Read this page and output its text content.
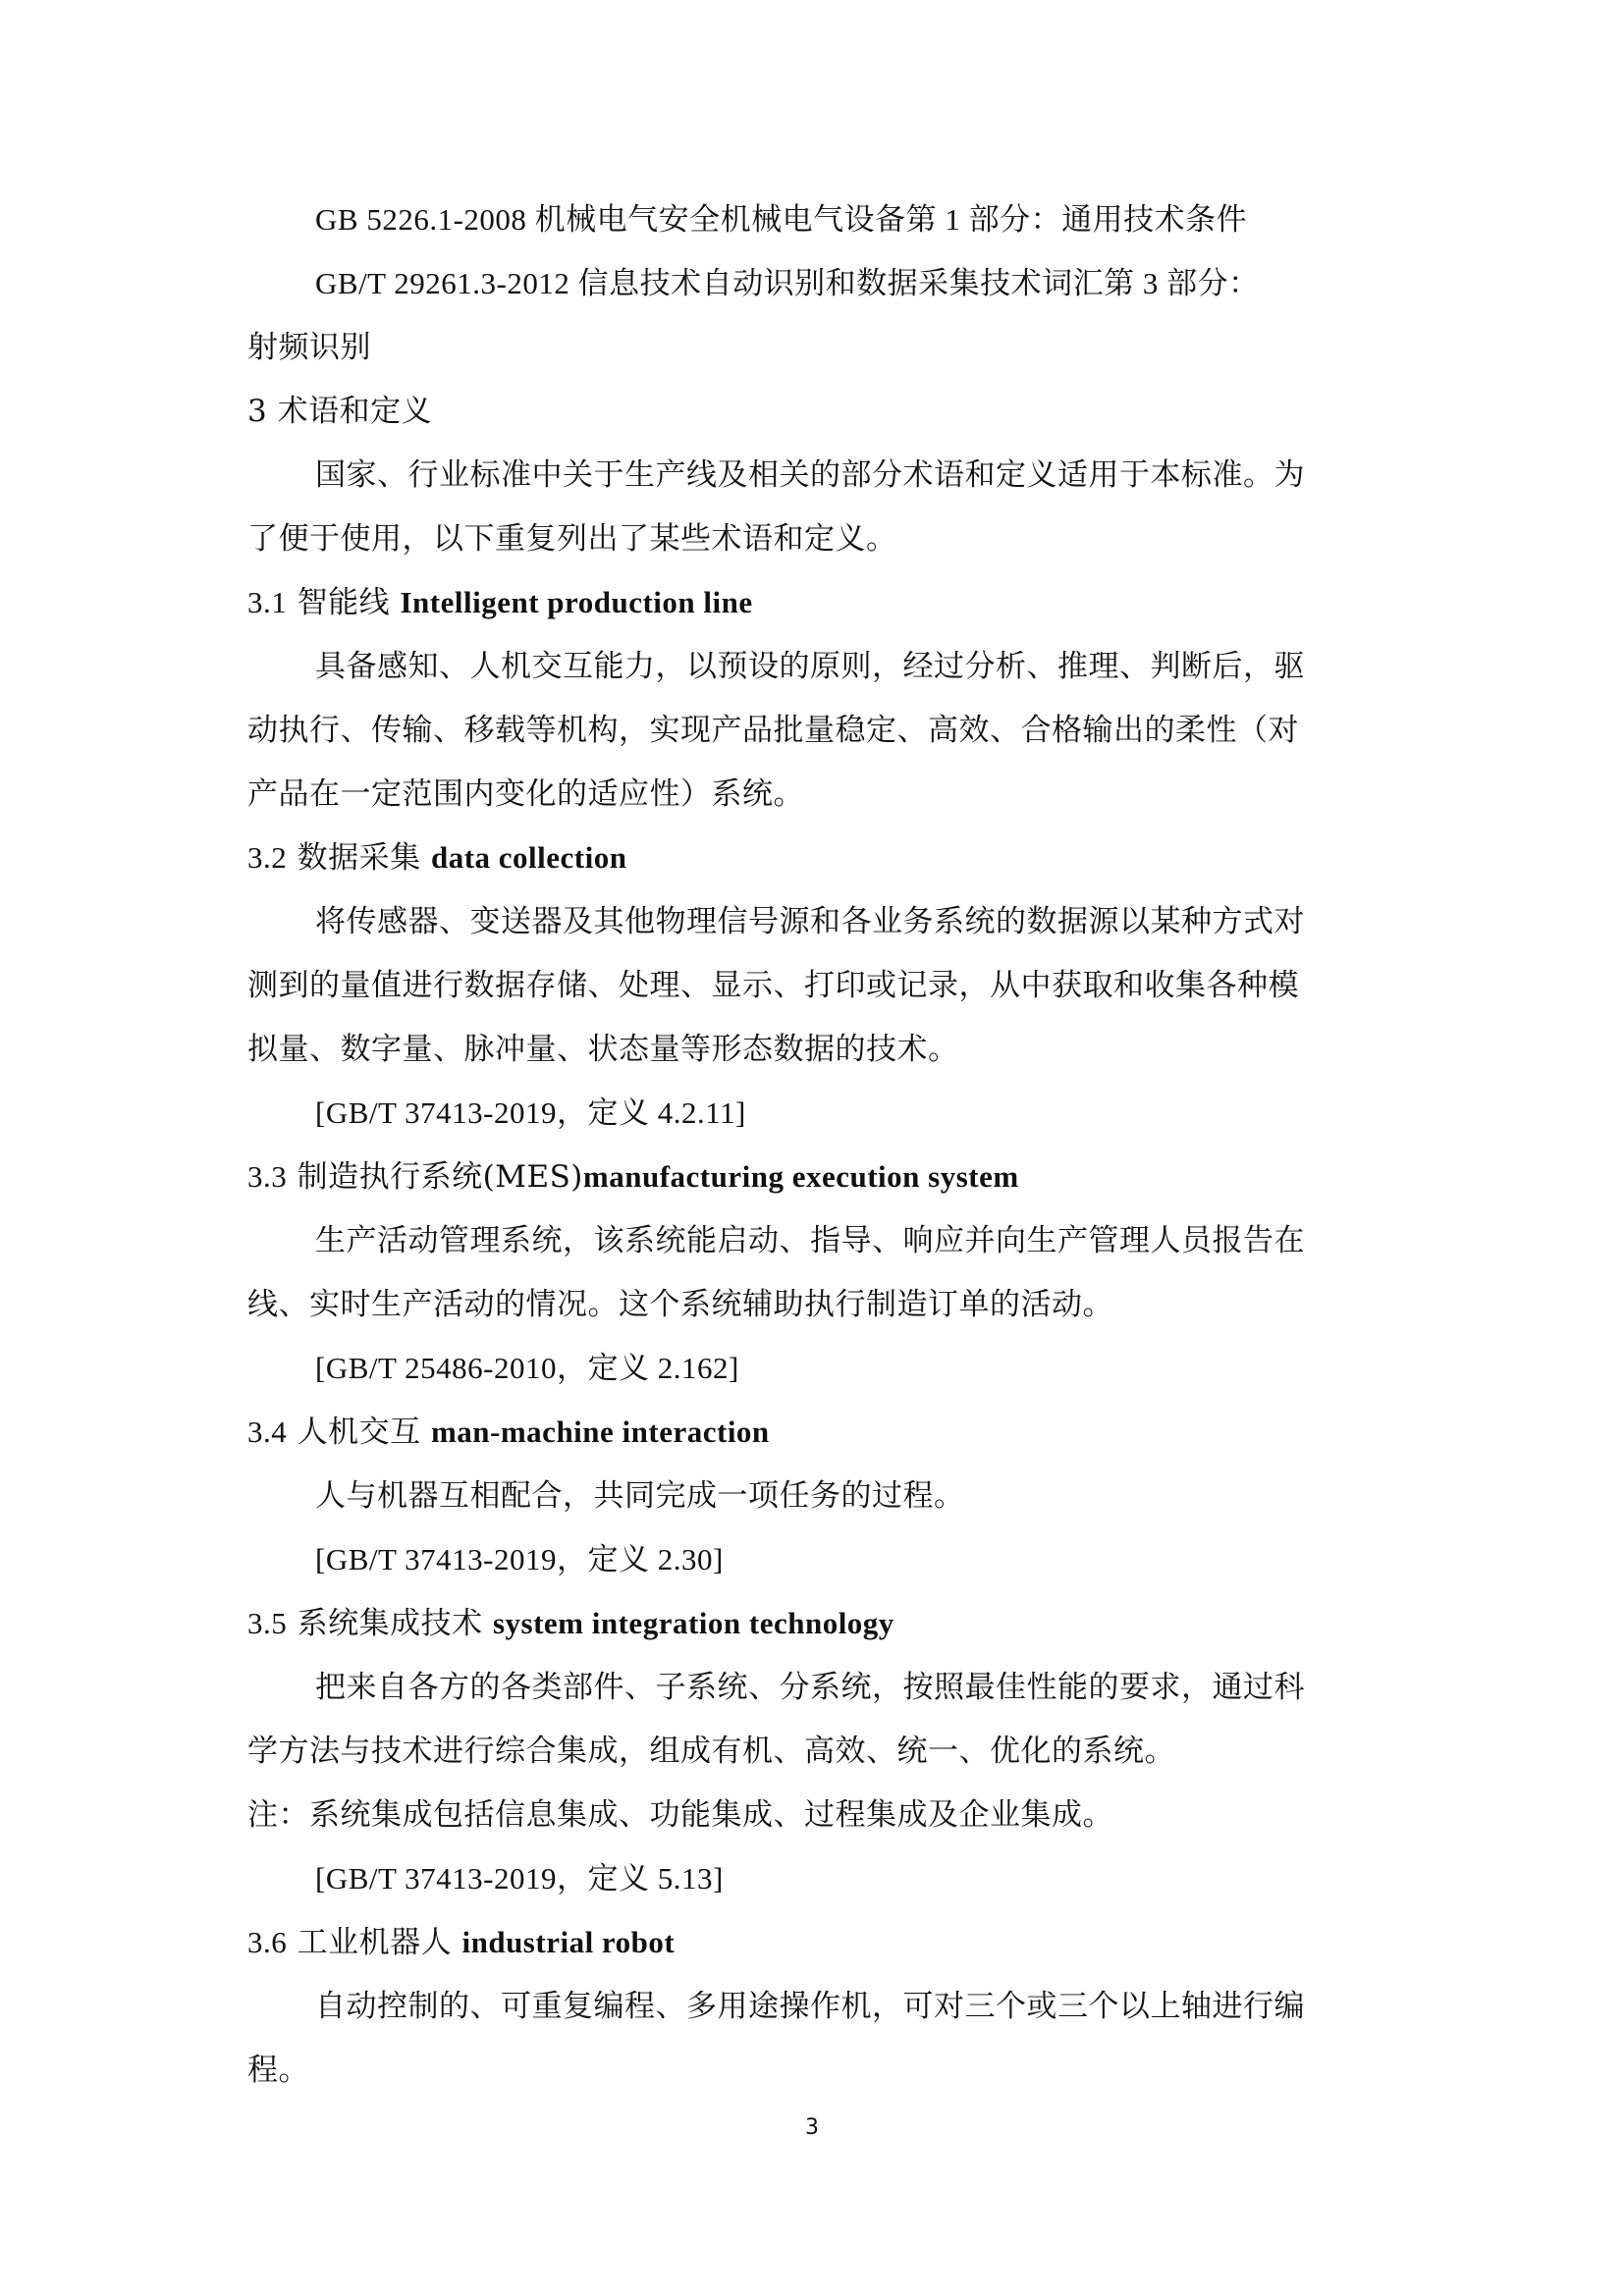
GB 5226.1-2008 机械电气安全机械电气设备第 1 部分：通用技术条件
GB/T 29261.3-2012 信息技术自动识别和数据采集技术词汇第 3 部分：
射频识别
3 术语和定义
国家、行业标准中关于生产线及相关的部分术语和定义适用于本标准。为
了便于使用，以下重复列出了某些术语和定义。
3.1 智能线 Intelligent production line
具备感知、人机交互能力，以预设的原则，经过分析、推理、判断后，驱
动执行、传输、移载等机构，实现产品批量稳定、高效、合格输出的柔性（对
产品在一定范围内变化的适应性）系统。
3.2 数据采集 data collection
将传感器、变送器及其他物理信号源和各业务系统的数据源以某种方式对
测到的量值进行数据存储、处理、显示、打印或记录，从中获取和收集各种模
拟量、数字量、脉冲量、状态量等形态数据的技术。
[GB/T 37413-2019，定义 4.2.11]
3.3 制造执行系统(MES)manufacturing execution system
生产活动管理系统，该系统能启动、指导、响应并向生产管理人员报告在
线、实时生产活动的情况。这个系统辅助执行制造订单的活动。
[GB/T 25486-2010，定义 2.162]
3.4 人机交互 man-machine interaction
人与机器互相配合，共同完成一项任务的过程。
[GB/T 37413-2019，定义 2.30]
3.5 系统集成技术 system integration technology
把来自各方的各类部件、子系统、分系统，按照最佳性能的要求，通过科
学方法与技术进行综合集成，组成有机、高效、统一、优化的系统。
注：系统集成包括信息集成、功能集成、过程集成及企业集成。
[GB/T 37413-2019，定义 5.13]
3.6 工业机器人 industrial robot
自动控制的、可重复编程、多用途操作机，可对三个或三个以上轴进行编
程。
3
